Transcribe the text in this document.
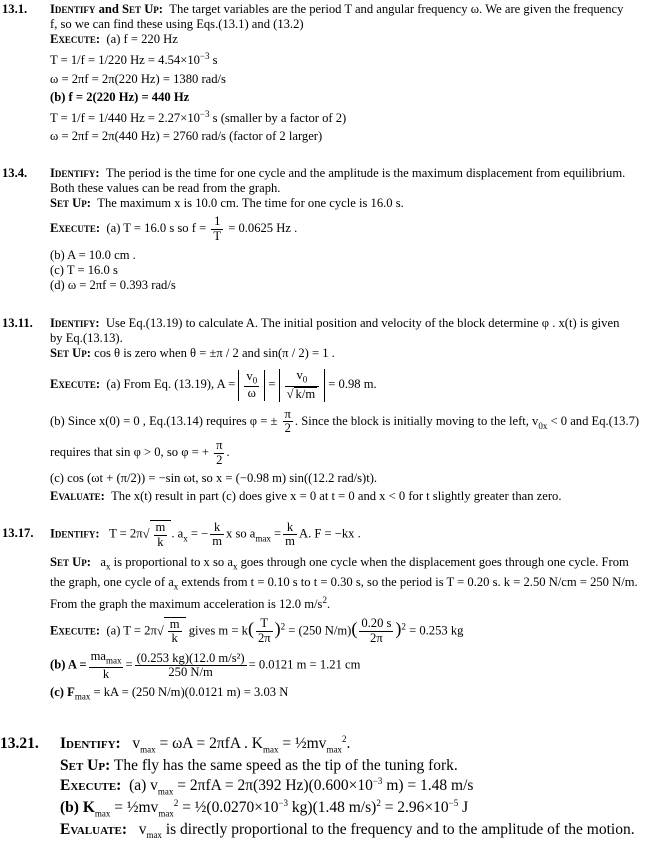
13.1. Identify and Set Up: The target variables are the period T and angular frequency ω. We are given the frequency

f, so we can find these using Eqs.(13.1) and (13.2)

Execute: (a) f = 220 Hz

T = 1/f = 1/220 $Hz = 4.54\times 10^{-3}$ s

ω = 2πf = 2π(220 Hz) = 1380 rad/s

(b) f = 2(220 Hz) = 440 Hz

T = 1/f = 1/440 $Hz = 2.27\times 10^{-3}$ s (smaller by a factor of 2)

ω = 2πf = 2π(440 Hz) = 2760 rad/s (factor of 2 larger)

13.4. Identify: The period is the time for one cycle and the amplitude is the maximum displacement from equilibrium.

Both these values can be read from the graph.

Set Up: The maximum x is 10.0 cm. The time for one cycle is 16.0 s.

Execute: (a) T = 16.0 s so $f = \frac{1}{T} = 0.0625$ Hz .

(b) A = 10.0 cm .

(c) T = 16.0 s

(d) ω = 2πf = 0.393 rad/s

13.11. Identify: Use Eq.(13.19) to calculate A. The initial position and velocity of the block determine φ . x(t) is given

by Eq.(13.13).

Set Up: cos θ is zero when θ = ±π / 2 and sin(π / 2) = 1 .

Execute: (a) From Eq. (13.19), $A = \frac{v_0}{\omega} = \frac{v_0}{√ k/m} = 0.98$ m.

(b) Since x(0) = 0 , Eq.(13.14) requires φ = ± $\frac{\pi}{2}$ . Since the block is initially moving to the left, $v_{0x} < 0$ and Eq.(13.7)

requires that sin φ > 0, so φ = + $\frac{\pi}{2}$ .

(c) cos (ωt + (π/2)) = −sin ωt, so x = (−0.98 m) sin((12.2 rad/s)t).

Evaluate: The x(t) result in part (c) does give x = 0 at t = 0 and x < 0 for t slightly greater than zero.

13.17. Identify: $T = 2\pi√ \frac{m}{k}$ . $a_x$ = − $\frac{k}{m}$ x so $a_{max} = \frac{k}{m} A$. F = −kx .

Set Up: $a_x$ is proportional to x so $a_x$ goes through one cycle when the displacement goes through one cycle. From

the graph, one cycle of $a_x$ extends from t = 0.10 s to t = 0.30 s, so the period is T = 0.20 s. k = 2.50 N/cm = 250 N/m.

From the graph the maximum acceleration is 12.0 $m/s^2$.

Execute: (a) $T = 2\pi√ \frac{m}{k}$ gives $m = k( \frac{T}{2\pi} )^2 = (250$ $N/m)( \frac{0.20 s}{2\pi} )^2 = 0.253$ kg

(b) $A = \frac{ma_{max}}{k} = \frac{\text{(0.253 kg)(12.0 m/s²)}}{250 N/m} = 0.0121$ m = 1.21 cm

(c) $F_{max}$ = kA = (250 N/m)(0.0121 m) = 3.03 N

13.21. Identify: $v_{max} = \omega A = 2\pi fA$ . $K_{max}$ = $\frac{1}{2}mv_{max}^2$.

Set Up: The fly has the same speed as the tip of the tuning fork.

Execute: (a) $v_{max} = 2\pi fA = 2\pi(392$ $Hz)(0.600\times 10^{-3}$ m) = 1.48 m/s

(b) $K_{max}$ = $\frac{1}{2}mv_{max}^2$ = $\frac{1}{2}(0.0270\times 10^{-3}$ kg)(1.48 $m/s)^2 = 2.96\times 10^{-5}$ J

Evaluate: $v_{max}$ is directly proportional to the frequency and to the amplitude of the motion.
